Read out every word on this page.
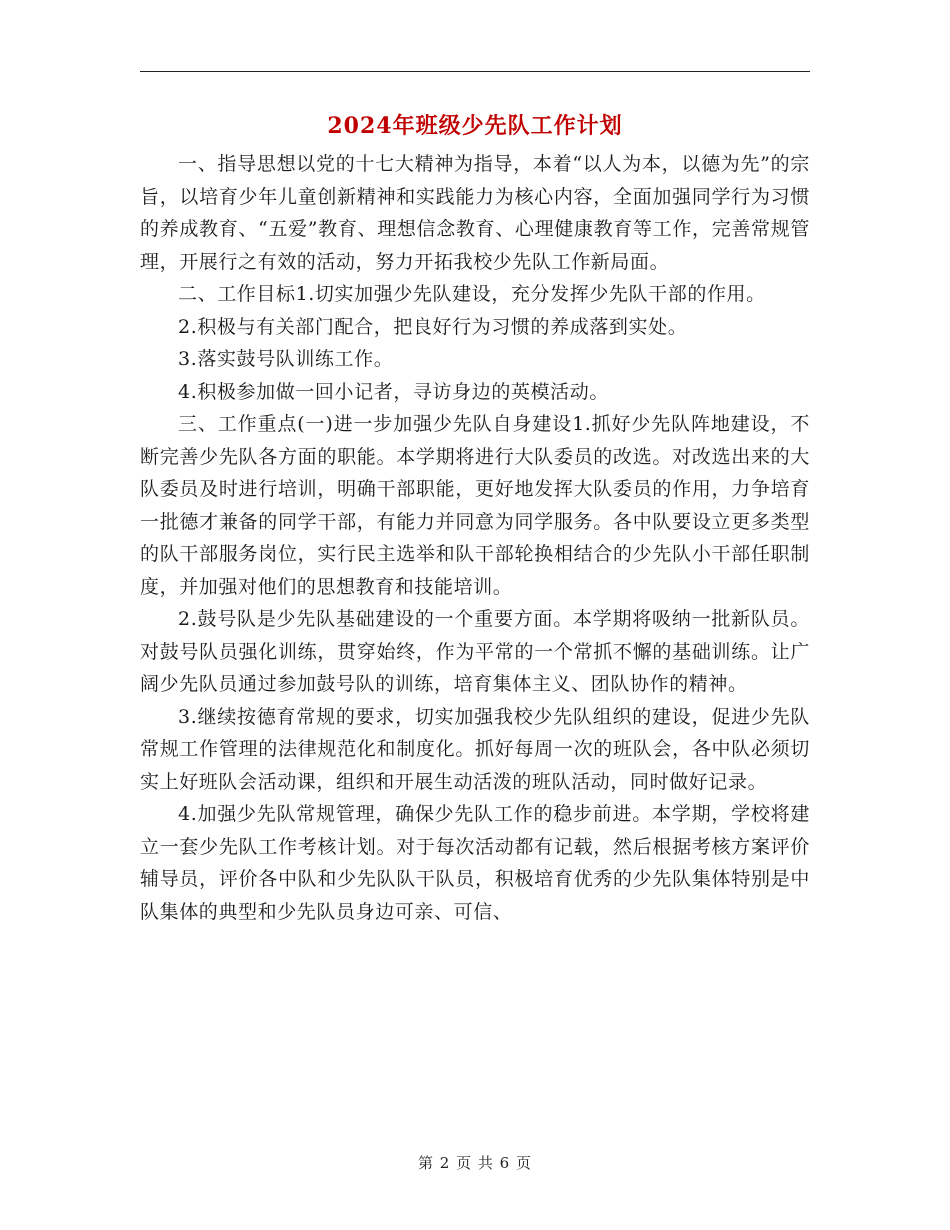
2024年班级少先队工作计划

一、指导思想以党的十七大精神为指导，本着“以人为本，以德为先”的宗旨，以培育少年儿童创新精神和实践能力为核心内容，全面加强同学行为习惯的养成教育、“五爱”教育、理想信念教育、心理健康教育等工作，完善常规管理，开展行之有效的活动，努力开拓我校少先队工作新局面。

二、工作目标1.切实加强少先队建设，充分发挥少先队干部的作用。

2.积极与有关部门配合，把良好行为习惯的养成落到实处。

3.落实鼓号队训练工作。

4.积极参加做一回小记者，寻访身边的英模活动。

三、工作重点(一)进一步加强少先队自身建设1.抓好少先队阵地建设，不断完善少先队各方面的职能。本学期将进行大队委员的改选。对改选出来的大队委员及时进行培训，明确干部职能，更好地发挥大队委员的作用，力争培育一批德才兼备的同学干部，有能力并同意为同学服务。各中队要设立更多类型的队干部服务岗位，实行民主选举和队干部轮换相结合的少先队小干部任职制度，并加强对他们的思想教育和技能培训。

2.鼓号队是少先队基础建设的一个重要方面。本学期将吸纳一批新队员。对鼓号队员强化训练，贯穿始终，作为平常的一个常抓不懈的基础训练。让广阔少先队员通过参加鼓号队的训练，培育集体主义、团队协作的精神。

3.继续按德育常规的要求，切实加强我校少先队组织的建设，促进少先队常规工作管理的法律规范化和制度化。抓好每周一次的班队会，各中队必须切实上好班队会活动课，组织和开展生动活泼的班队活动，同时做好记录。

4.加强少先队常规管理，确保少先队工作的稳步前进。本学期，学校将建立一套少先队工作考核计划。对于每次活动都有记载，然后根据考核方案评价辅导员，评价各中队和少先队队干队员，积极培育优秀的少先队集体特别是中队集体的典型和少先队员身边可亲、可信、

第 2 页 共 6 页
